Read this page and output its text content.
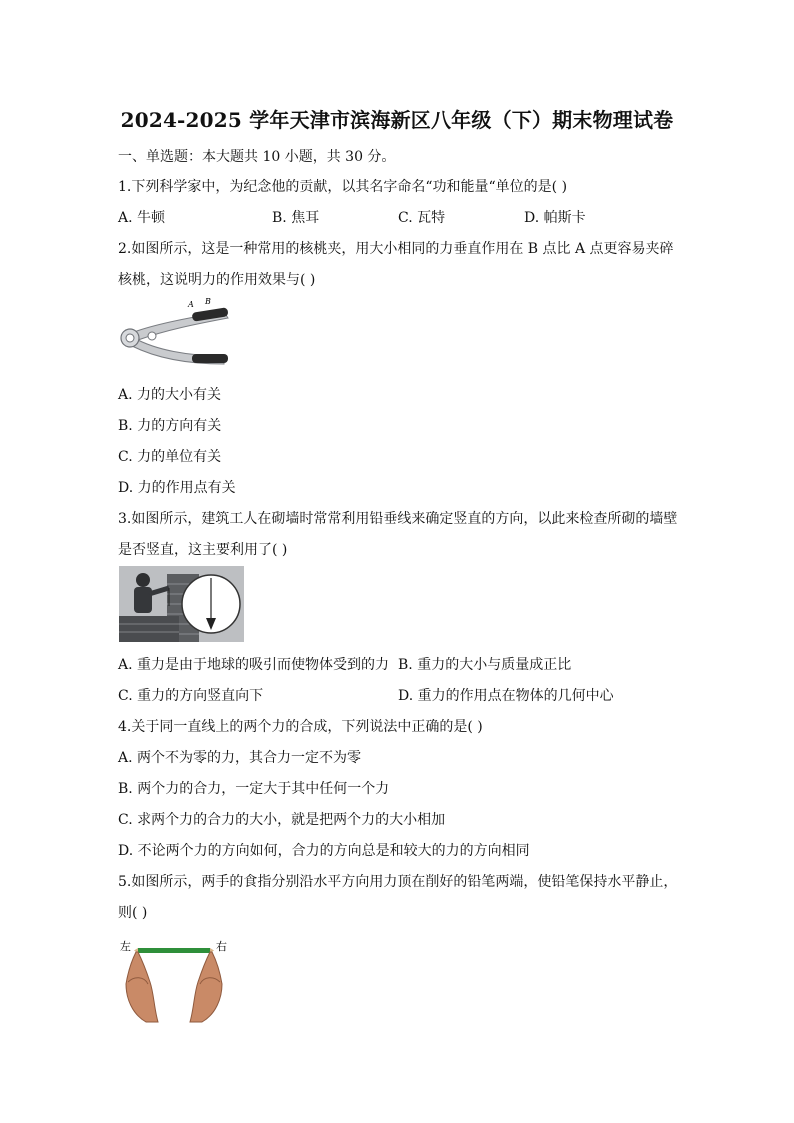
2024-2025 学年天津市滨海新区八年级（下）期末物理试卷
一、单选题：本大题共 10 小题，共 30 分。
1.下列科学家中，为纪念他的贡献，以其名字命名“功和能量“单位的是( )
A. 牛顿	B. 焦耳	C. 瓦特	D. 帕斯卡
2.如图所示，这是一种常用的核桃夹，用大小相同的力垂直作用在 B 点比 A 点更容易夹碎
核桃，这说明力的作用效果与( )
A B
A. 力的大小有关
B. 力的方向有关
C. 力的单位有关
D. 力的作用点有关
3.如图所示，建筑工人在砌墙时常常利用铅垂线来确定竖直的方向，以此来检查所砌的墙壁
是否竖直，这主要利用了( )
A. 重力是由于地球的吸引而使物体受到的力 B. 重力的大小与质量成正比
C. 重力的方向竖直向下	D. 重力的作用点在物体的几何中心
4.关于同一直线上的两个力的合成，下列说法中正确的是( )
A. 两个不为零的力，其合力一定不为零
B. 两个力的合力，一定大于其中任何一个力
C. 求两个力的合力的大小，就是把两个力的大小相加
D. 不论两个力的方向如何，合力的方向总是和较大的力的方向相同
5.如图所示，两手的食指分别沿水平方向用力顶在削好的铅笔两端，使铅笔保持水平静止，
则( )
左	右
